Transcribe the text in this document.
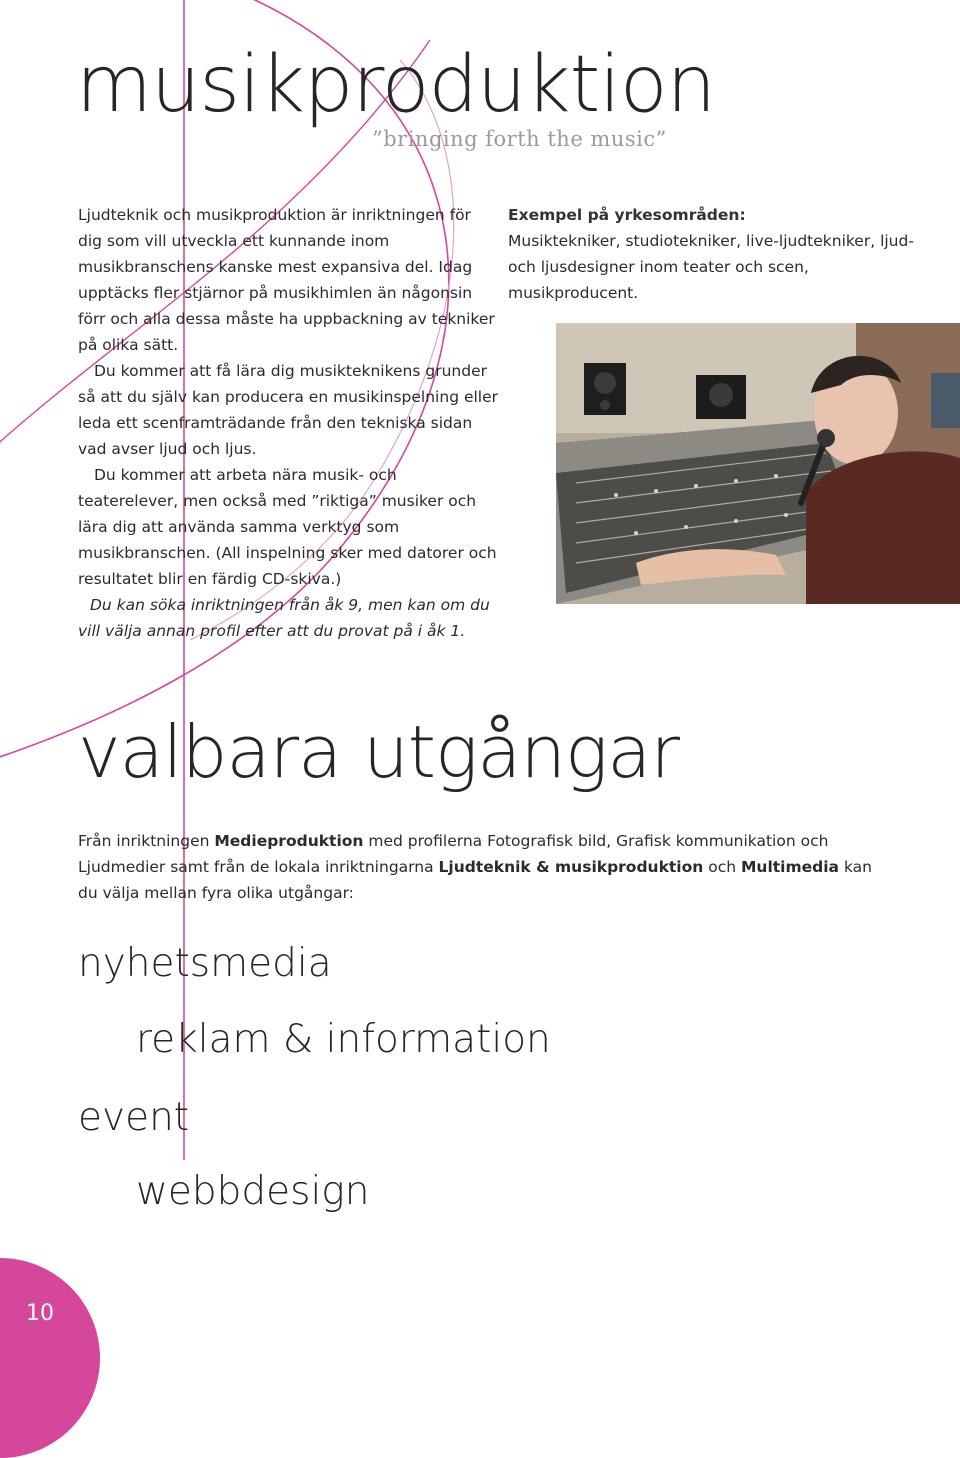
musikproduktion

”bringing forth the music”

Ljudteknik och musikproduktion är inriktningen för dig som vill utveckla ett kunnande inom musikbranschens kanske mest expansiva del. Idag upptäcks fler stjärnor på musikhimlen än någonsin förr och alla dessa måste ha uppbackning av tekniker på olika sätt.

Du kommer att få lära dig musikteknikens grunder så att du själv kan producera en musikinspelning eller leda ett scenframträdande från den tekniska sidan vad avser ljud och ljus.

Du kommer att arbeta nära musik- och teaterelever, men också med ”riktiga” musiker och lära dig att använda samma verktyg som musikbranschen. (All inspelning sker med datorer och resultatet blir en färdig CD-skiva.)

Du kan söka inriktningen från åk 9, men kan om du vill välja annan profil efter att du provat på i åk 1.

Exempel på yrkesområden:

Musiktekniker, studiotekniker, live-ljudtekniker, ljud- och ljusdesigner inom teater och scen, musikproducent.

valbara utgångar

Från inriktningen Medieproduktion med profilerna Fotografisk bild, Grafisk kommunikation och Ljudmedier samt från de lokala inriktningarna Ljudteknik & musikproduktion och Multimedia kan du välja mellan fyra olika utgångar:

nyhetsmedia

reklam & information

event

webbdesign

10
